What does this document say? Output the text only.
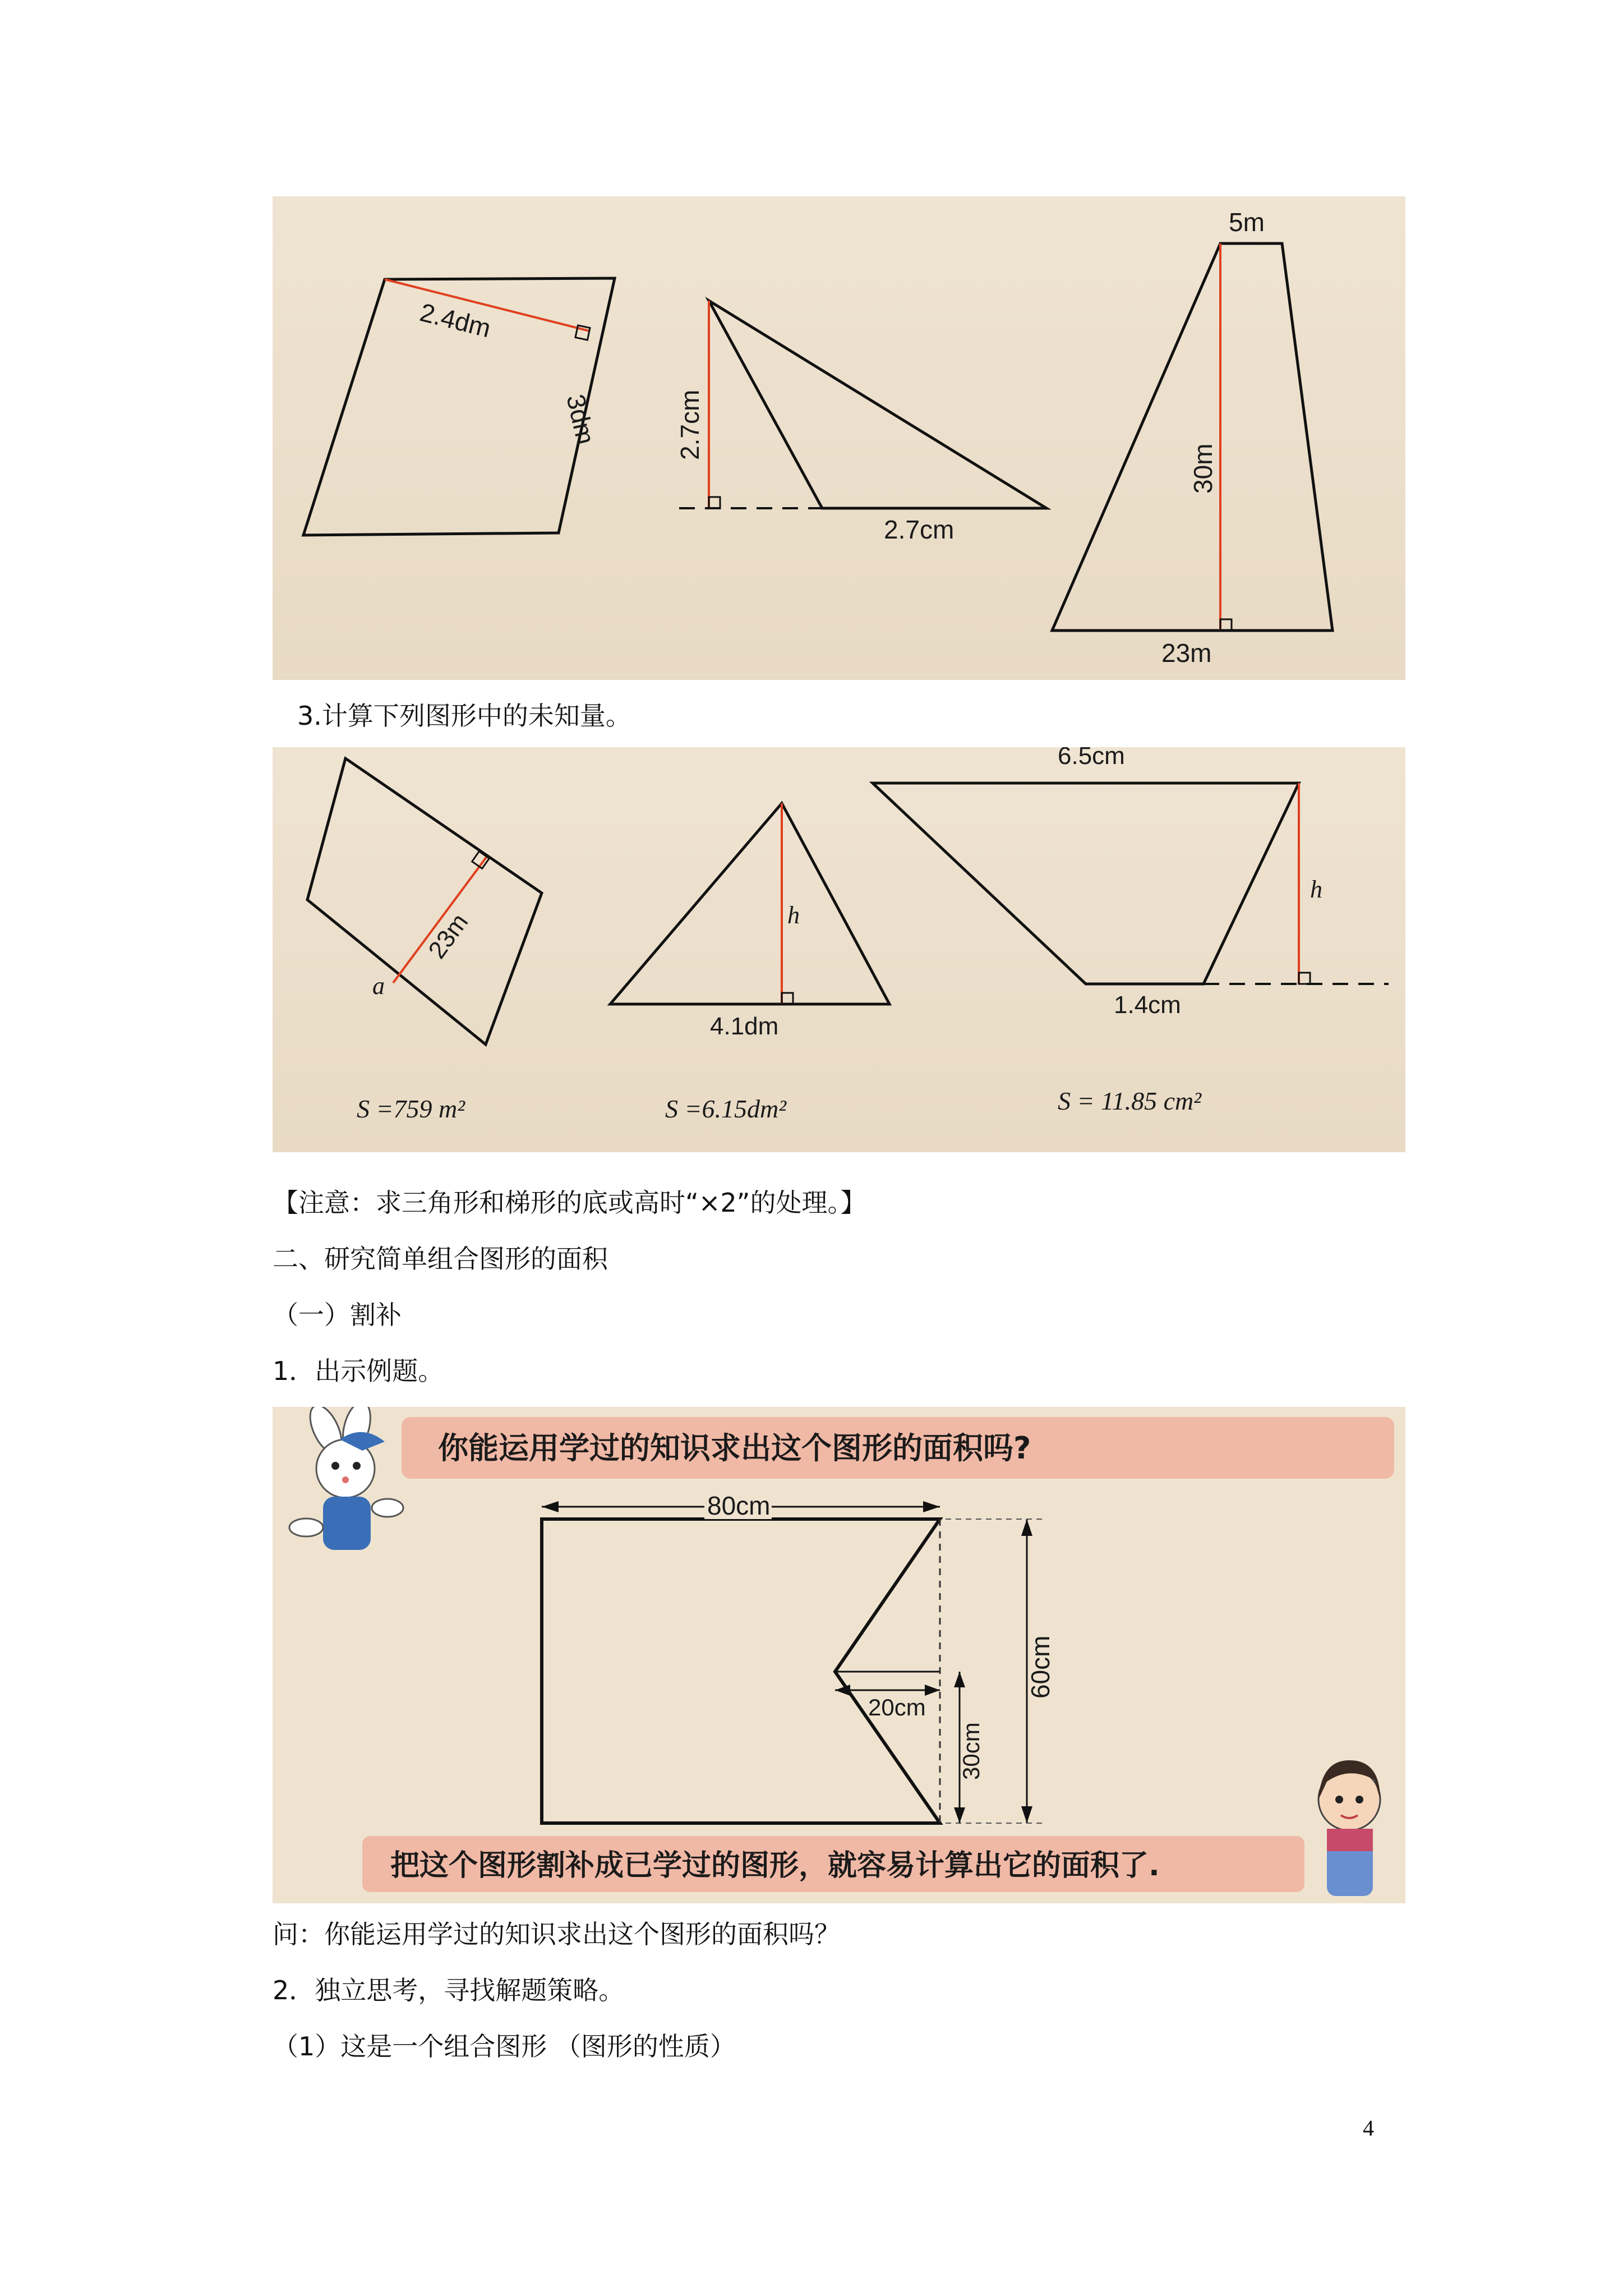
2.4dm
3dm	2.7cm
2.7cm
5m
30m
23m
3.计算下列图形中的未知量。
23m
a
S =759 m²
h
4.1dm
S =6.15dm²
6.5cm
h
1.4cm
S = 11.85 cm²
【注意：求三角形和梯形的底或高时“×2”的处理。】
二、研究简单组合图形的面积
（一）割补
1．出示例题。
你能运用学过的知识求出这个图形的面积吗?
80cm
60cm
20cm
30cm
把这个图形割补成已学过的图形，就容易计算出它的面积了.
问：你能运用学过的知识求出这个图形的面积吗？
2．独立思考，寻找解题策略。
（1）这是一个组合图形 （图形的性质）
4
